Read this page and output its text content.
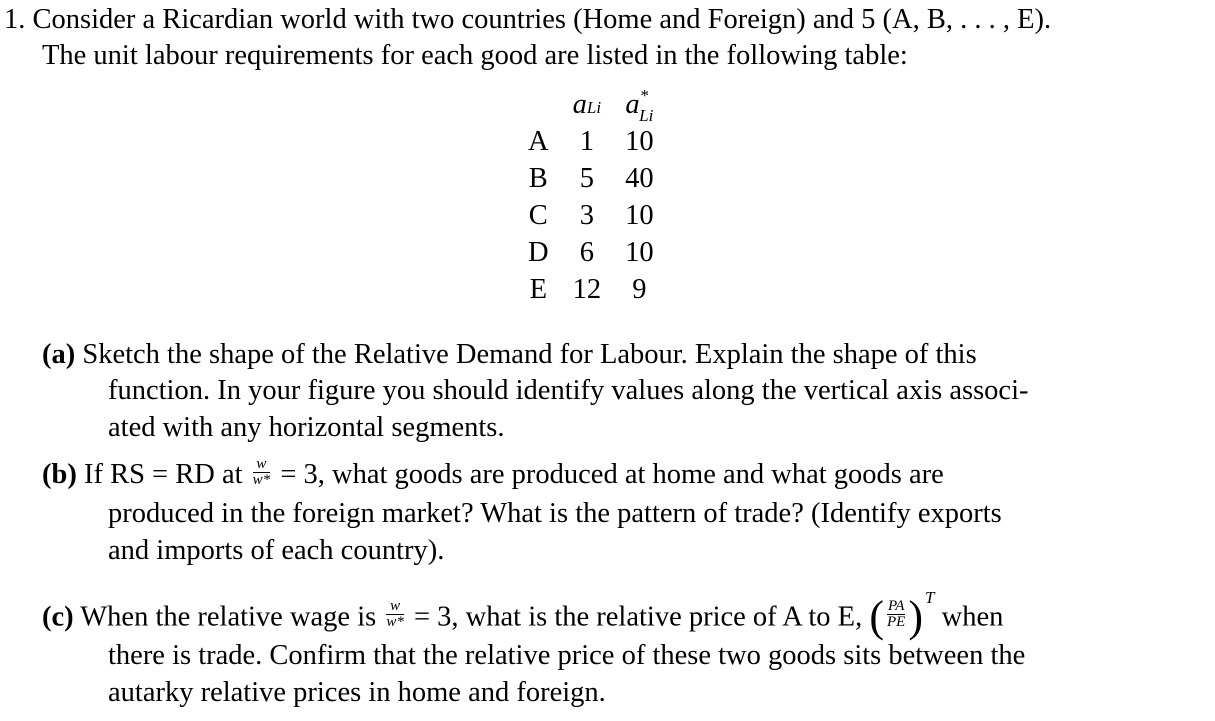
1. Consider a Ricardian world with two countries (Home and Foreign) and 5 (A, B, . . . , E).
The unit labour requirements for each good are listed in the following table:
	aLi	$a^*_{Li}$
A	1	10
B	5	40
C	3	10
D	6	10
E	12	9
(a) Sketch the shape of the Relative Demand for Labour. Explain the shape of this
function. In your figure you should identify values along the vertical axis associ-
ated with any horizontal segments.
(b) If RS = RD at $\frac{w}{w*} = 3$, what goods are produced at home and what goods are
produced in the foreign market? What is the pattern of trade? (Identify exports
and imports of each country).
(c) When the relative wage is $\frac{w}{w*} = 3$, what is the relative price of A to E, ( $\frac{PA}{PE}$ ) $^T$ when
there is trade. Confirm that the relative price of these two goods sits between the
autarky relative prices in home and foreign.
